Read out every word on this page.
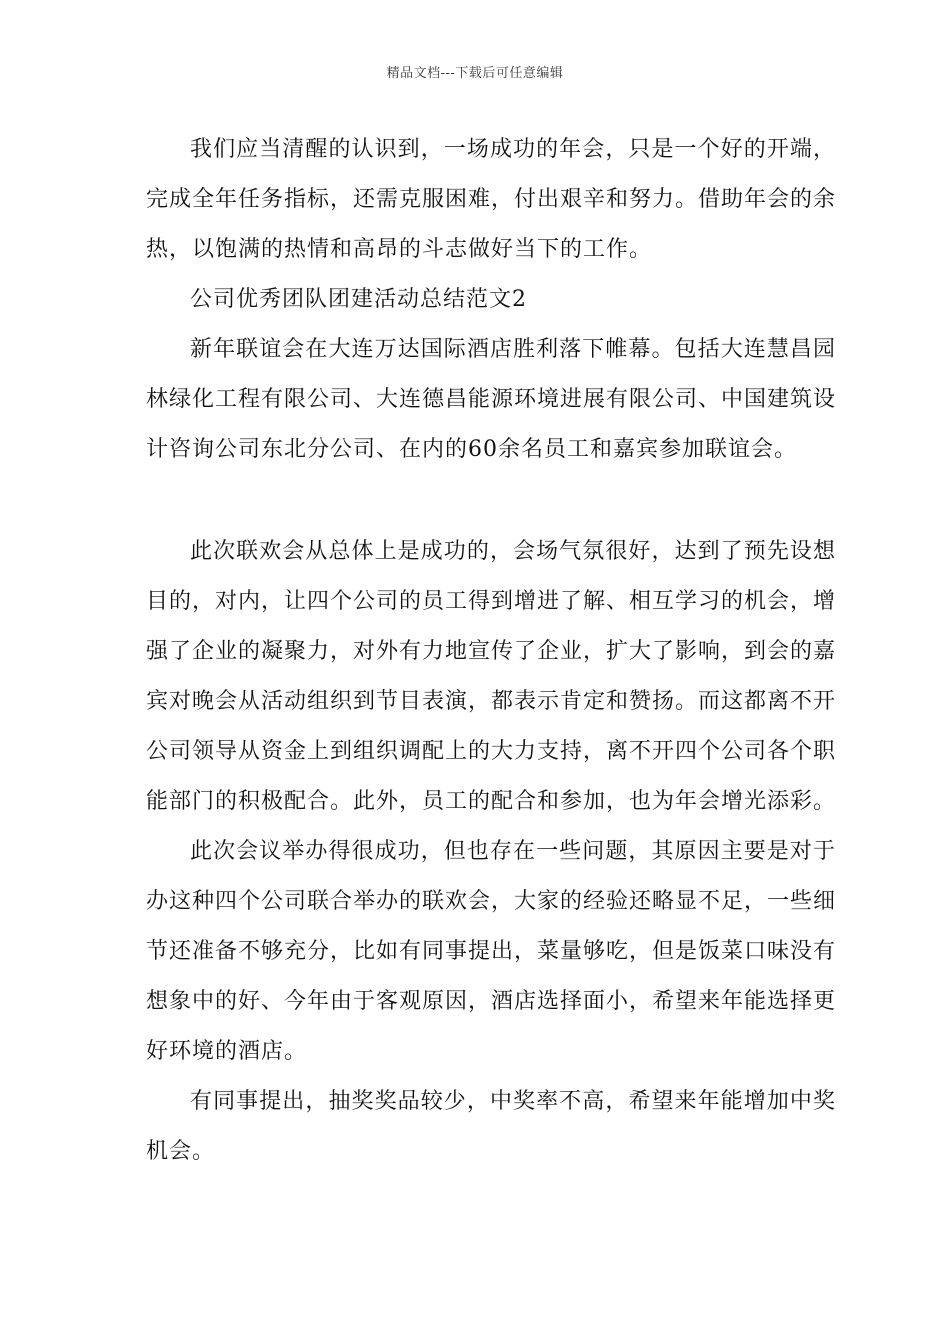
精品文档---下载后可任意编辑

我们应当清醒的认识到，一场成功的年会，只是一个好的开端，完成全年任务指标，还需克服困难，付出艰辛和努力。借助年会的余热，以饱满的热情和高昂的斗志做好当下的工作。

公司优秀团队团建活动总结范文2

新年联谊会在大连万达国际酒店胜利落下帷幕。包括大连慧昌园林绿化工程有限公司、大连德昌能源环境进展有限公司、中国建筑设计咨询公司东北分公司、在内的60余名员工和嘉宾参加联谊会。

此次联欢会从总体上是成功的，会场气氛很好，达到了预先设想目的，对内，让四个公司的员工得到增进了解、相互学习的机会，增强了企业的凝聚力，对外有力地宣传了企业，扩大了影响，到会的嘉宾对晚会从活动组织到节目表演，都表示肯定和赞扬。而这都离不开公司领导从资金上到组织调配上的大力支持，离不开四个公司各个职能部门的积极配合。此外，员工的配合和参加，也为年会增光添彩。

此次会议举办得很成功，但也存在一些问题，其原因主要是对于办这种四个公司联合举办的联欢会，大家的经验还略显不足，一些细节还准备不够充分，比如有同事提出，菜量够吃，但是饭菜口味没有想象中的好、今年由于客观原因，酒店选择面小，希望来年能选择更好环境的酒店。

有同事提出，抽奖奖品较少，中奖率不高，希望来年能增加中奖机会。
